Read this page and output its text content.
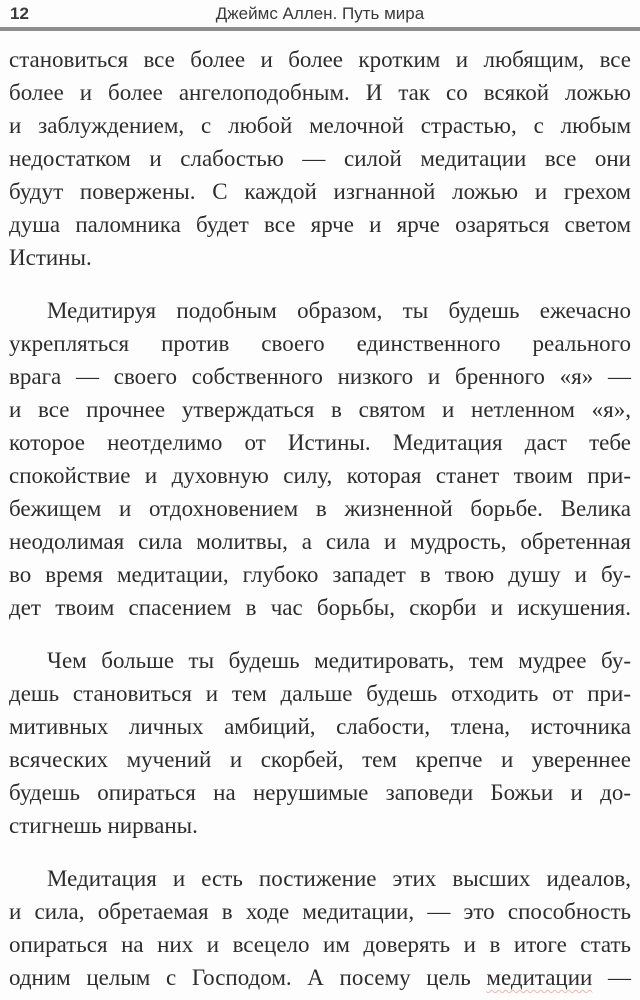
12	Джеймс Аллен. Путь мира
становиться все более и более кротким и любящим, все
более и более ангелоподобным. И так со всякой ложью
и заблуждением, с любой мелочной страстью, с любым
недостатком и слабостью — силой медитации все они
будут повержены. С каждой изгнанной ложью и грехом
душа паломника будет все ярче и ярче озаряться светом
Истины.
Медитируя подобным образом, ты будешь ежечасно
укрепляться против своего единственного реального
врага — своего собственного низкого и бренного «я» —
и все прочнее утверждаться в святом и нетленном «я»,
которое неотделимо от Истины. Медитация даст тебе
спокойствие и духовную силу, которая станет твоим при-
бежищем и отдохновением в жизненной борьбе. Велика
неодолимая сила молитвы, а сила и мудрость, обретенная
во время медитации, глубоко западет в твою душу и бу-
дет твоим спасением в час борьбы, скорби и искушения.
Чем больше ты будешь медитировать, тем мудрее бу-
дешь становиться и тем дальше будешь отходить от при-
митивных личных амбиций, слабости, тлена, источника
всяческих мучений и скорбей, тем крепче и увереннее
будешь опираться на нерушимые заповеди Божьи и до-
стигнешь нирваны.
Медитация и есть постижение этих высших идеалов,
и сила, обретаемая в ходе медитации, — это способность
опираться на них и всецело им доверять и в итоге стать
одним целым с Господом. А посему цель медитации —
